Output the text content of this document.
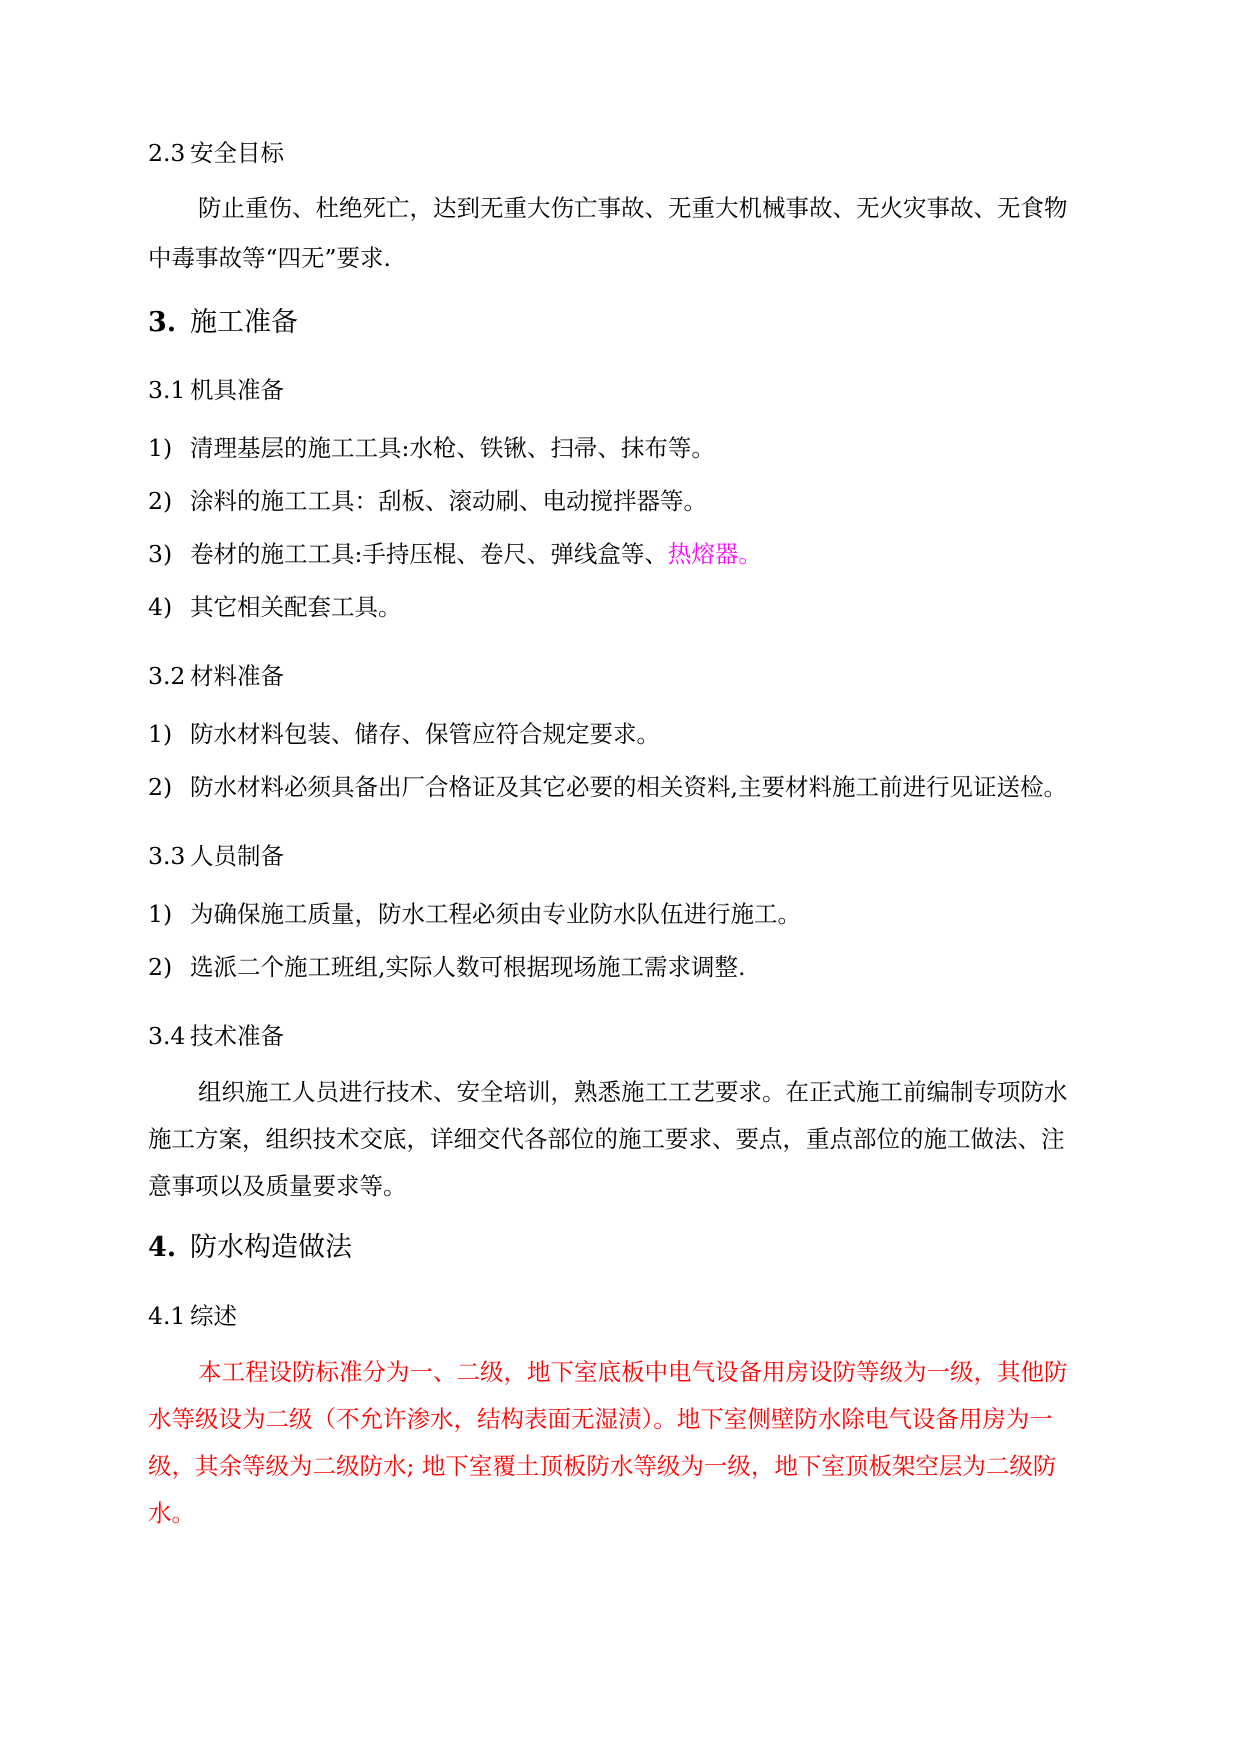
2.3 安全目标
防止重伤、杜绝死亡，达到无重大伤亡事故、无重大机械事故、无火灾事故、无食物
中毒事故等“四无”要求.
3. 施工准备
3.1 机具准备
1) 清理基层的施工工具:水枪、铁锹、扫帚、抹布等。
2) 涂料的施工工具：刮板、滚动刷、电动搅拌器等。
3) 卷材的施工工具:手持压棍、卷尺、弹线盒等、热熔器。
4) 其它相关配套工具。
3.2 材料准备
1) 防水材料包装、储存、保管应符合规定要求。
2) 防水材料必须具备出厂合格证及其它必要的相关资料,主要材料施工前进行见证送检。
3.3 人员制备
1) 为确保施工质量，防水工程必须由专业防水队伍进行施工。
2) 选派二个施工班组,实际人数可根据现场施工需求调整.
3.4 技术准备
组织施工人员进行技术、安全培训，熟悉施工工艺要求。在正式施工前编制专项防水
施工方案，组织技术交底，详细交代各部位的施工要求、要点，重点部位的施工做法、注
意事项以及质量要求等。
4. 防水构造做法
4.1 综述
本工程设防标准分为一、二级，地下室底板中电气设备用房设防等级为一级，其他防
水等级设为二级（不允许渗水，结构表面无湿渍）。地下室侧壁防水除电气设备用房为一
级，其余等级为二级防水; 地下室覆土顶板防水等级为一级，地下室顶板架空层为二级防
水。
